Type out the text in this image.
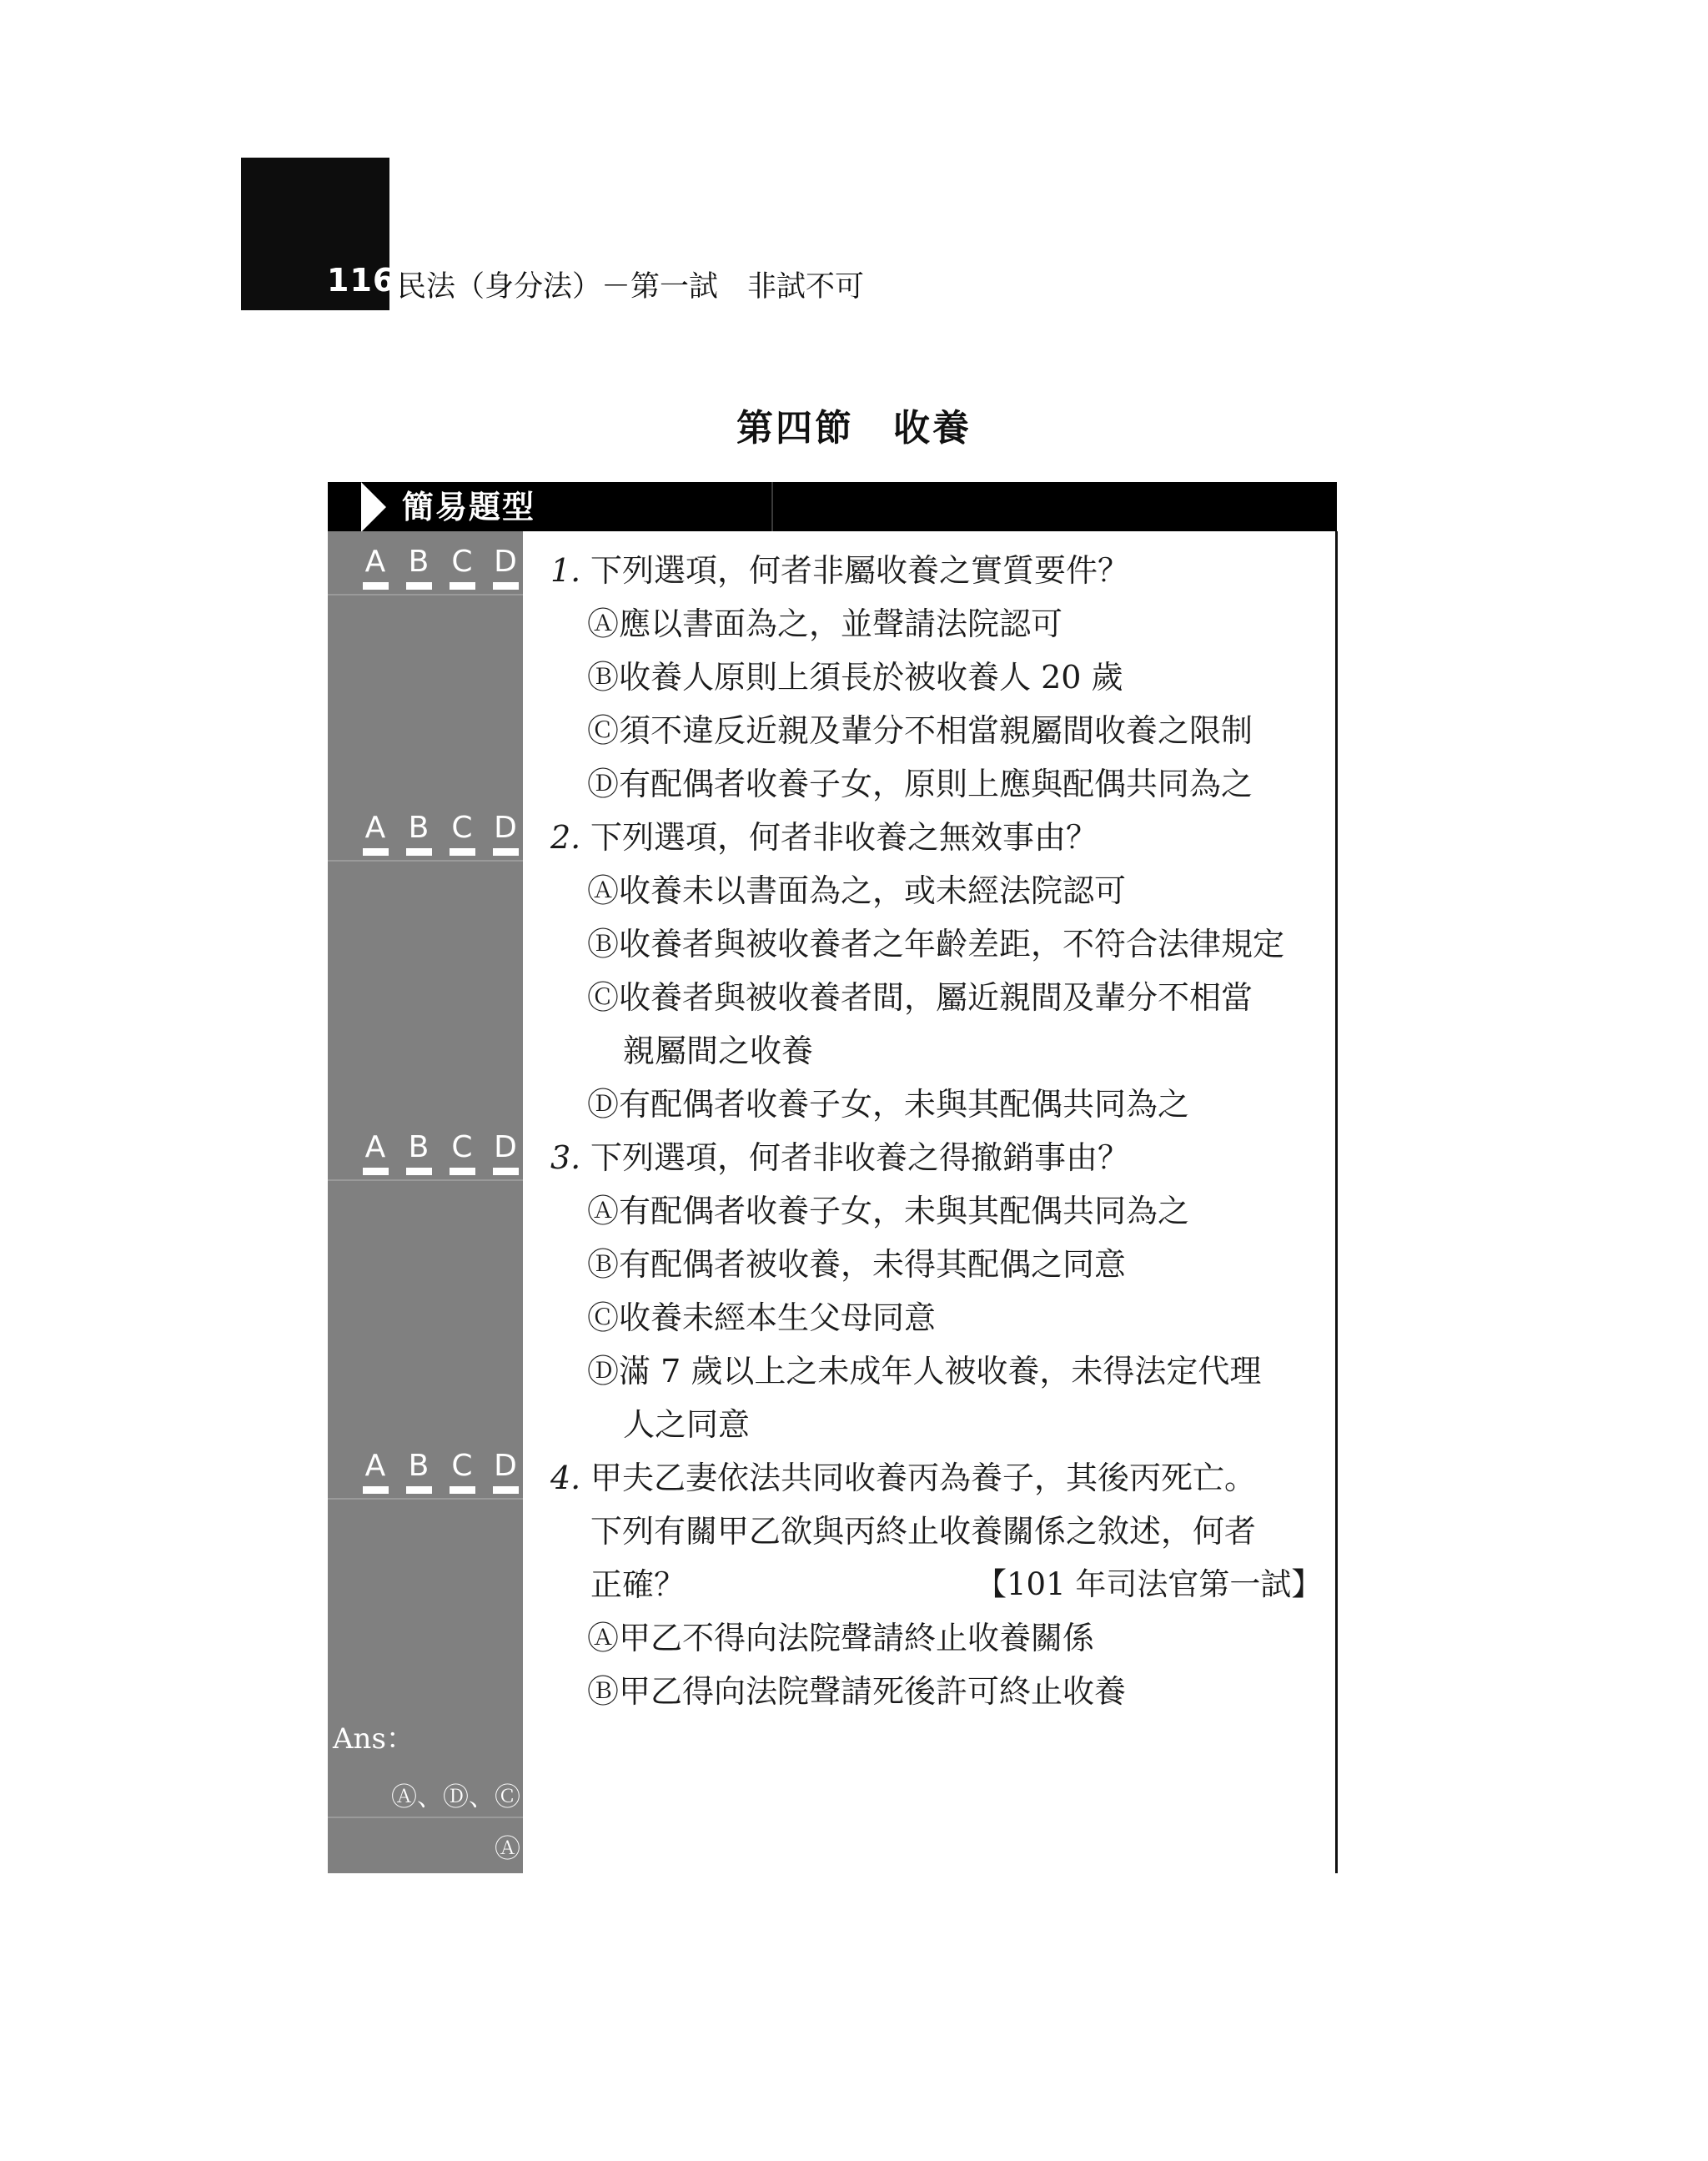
116 民法（身分法）－第一試　非試不可
第四節　收養
簡易題型
A B C D
A B C D
A B C D
A B C D
Ans：
Ⓐ、Ⓓ、Ⓒ
Ⓐ
1. 下列選項，何者非屬收養之實質要件？
Ⓐ應以書面為之，並聲請法院認可
Ⓑ收養人原則上須長於被收養人 20 歲
Ⓒ須不違反近親及輩分不相當親屬間收養之限制
Ⓓ有配偶者收養子女，原則上應與配偶共同為之
2. 下列選項，何者非收養之無效事由？
Ⓐ收養未以書面為之，或未經法院認可
Ⓑ收養者與被收養者之年齡差距，不符合法律規定
Ⓒ收養者與被收養者間，屬近親間及輩分不相當
親屬間之收養
Ⓓ有配偶者收養子女，未與其配偶共同為之
3. 下列選項，何者非收養之得撤銷事由？
Ⓐ有配偶者收養子女，未與其配偶共同為之
Ⓑ有配偶者被收養，未得其配偶之同意
Ⓒ收養未經本生父母同意
Ⓓ滿 7 歲以上之未成年人被收養，未得法定代理
人之同意
4. 甲夫乙妻依法共同收養丙為養子，其後丙死亡。
下列有關甲乙欲與丙終止收養關係之敘述，何者
正確？	【101 年司法官第一試】
Ⓐ甲乙不得向法院聲請終止收養關係
Ⓑ甲乙得向法院聲請死後許可終止收養
